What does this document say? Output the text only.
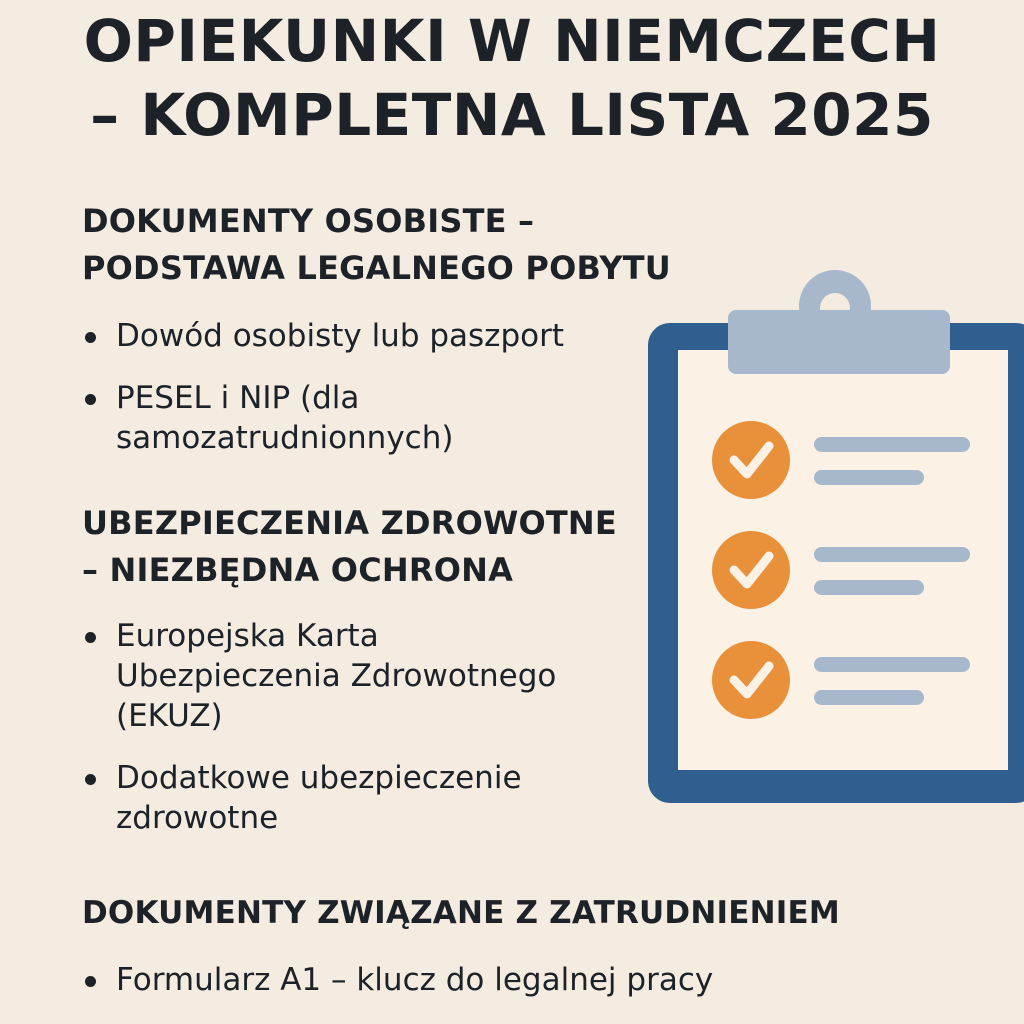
OPIEKUNKI W NIEMCZECH
– KOMPLETNA LISTA 2025
DOKUMENTY OSOBISTE –
PODSTAWA LEGALNEGO POBYTU
Dowód osobisty lub paszport
PESEL i NIP (dla
samozatrudnionnych)
UBEZPIECZENIA ZDROWOTNE
– NIEZBĘDNA OCHRONA
Europejska Karta
Ubezpieczenia Zdrowotnego
(EKUZ)
Dodatkowe ubezpieczenie
zdrowotne
DOKUMENTY ZWIĄZANE Z ZATRUDNIENIEM
Formularz A1 – klucz do legalnej pracy
